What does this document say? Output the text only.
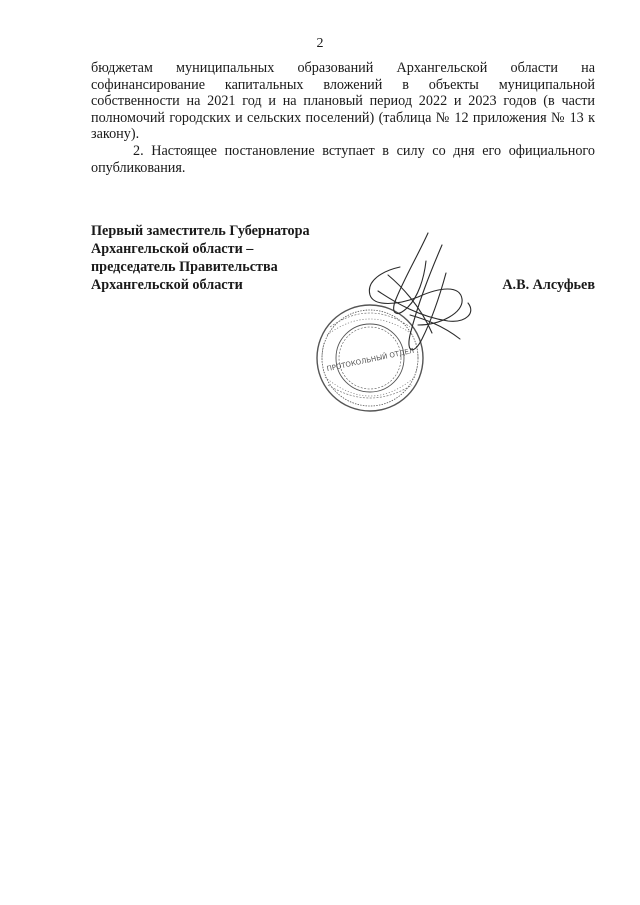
2

бюджетам муниципальных образований Архангельской области на софинансирование капитальных вложений в объекты муниципальной собственности на 2021 год и на плановый период 2022 и 2023 годов (в части полномочий городских и сельских поселений) (таблица № 12 приложения № 13 к закону).

2. Настоящее постановление вступает в силу со дня его официального опубликования.

Первый заместитель Губернатора
Архангельской области –
председатель Правительства
Архангельской области	А.В. Алсуфьев
ПРОТОКОЛЬНЫЙ ОТДЕЛ
